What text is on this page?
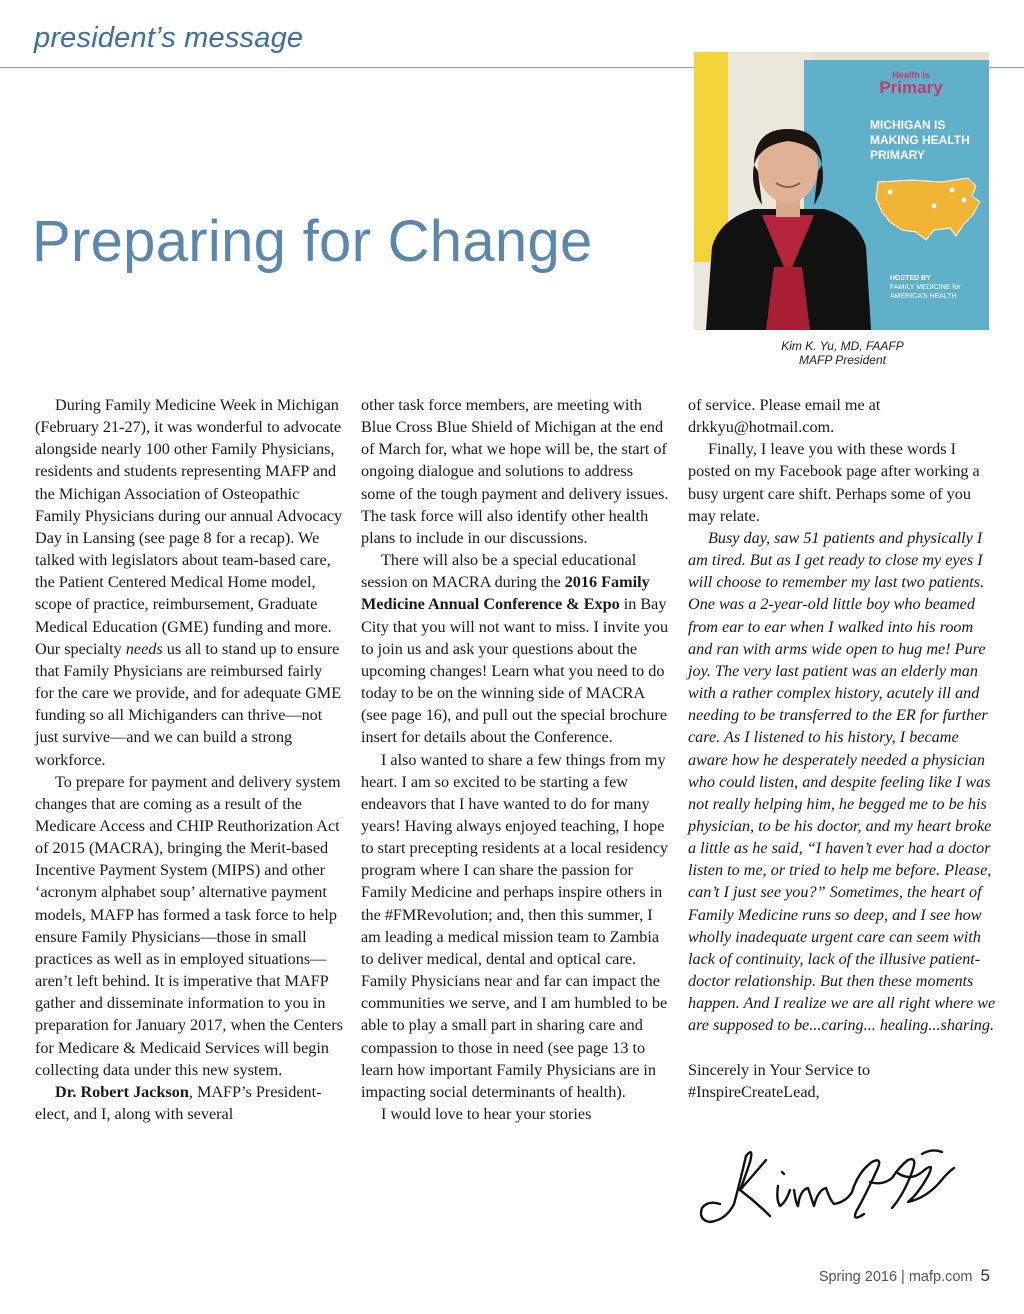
president’s message
Preparing for Change
Health is
Primary
MICHIGAN IS MAKING HEALTH PRIMARY
HOSTED BY
FAMILY MEDICINE for AMERICA’S HEALTH
Kim K. Yu, MD, FAAFP
MAFP President

During Family Medicine Week in Michigan (February 21-27), it was wonderful to advocate alongside nearly 100 other Family Physicians, residents and students representing MAFP and the Michigan Association of Osteopathic Family Physicians during our annual Advocacy Day in Lansing (see page 8 for a recap). We talked with legislators about team-based care, the Patient Centered Medical Home model, scope of practice, reimbursement, Graduate Medical Education (GME) funding and more. Our specialty needs us all to stand up to ensure that Family Physicians are reimbursed fairly for the care we provide, and for adequate GME funding so all Michiganders can thrive—not just survive—and we can build a strong workforce.

To prepare for payment and delivery system changes that are coming as a result of the Medicare Access and CHIP Reuthorization Act of 2015 (MACRA), bringing the Merit-based Incentive Payment System (MIPS) and other ‘acronym alphabet soup’ alternative payment models, MAFP has formed a task force to help ensure Family Physicians—those in small practices as well as in employed situations—aren’t left behind. It is imperative that MAFP gather and disseminate information to you in preparation for January 2017, when the Centers for Medicare & Medicaid Services will begin collecting data under this new system.

Dr. Robert Jackson, MAFP’s President-elect, and I, along with several

other task force members, are meeting with Blue Cross Blue Shield of Michigan at the end of March for, what we hope will be, the start of ongoing dialogue and solutions to address some of the tough payment and delivery issues. The task force will also identify other health plans to include in our discussions.

There will also be a special educational session on MACRA during the 2016 Family Medicine Annual Conference & Expo in Bay City that you will not want to miss. I invite you to join us and ask your questions about the upcoming changes! Learn what you need to do today to be on the winning side of MACRA (see page 16), and pull out the special brochure insert for details about the Conference.

I also wanted to share a few things from my heart. I am so excited to be starting a few endeavors that I have wanted to do for many years! Having always enjoyed teaching, I hope to start precepting residents at a local residency program where I can share the passion for Family Medicine and perhaps inspire others in the #FMRevolution; and, then this summer, I am leading a medical mission team to Zambia to deliver medical, dental and optical care. Family Physicians near and far can impact the communities we serve, and I am humbled to be able to play a small part in sharing care and compassion to those in need (see page 13 to learn how important Family Physicians are in impacting social determinants of health).

I would love to hear your stories

of service. Please email me at drkkyu@hotmail.com.

Finally, I leave you with these words I posted on my Facebook page after working a busy urgent care shift. Perhaps some of you may relate.

Busy day, saw 51 patients and physically I am tired. But as I get ready to close my eyes I will choose to remember my last two patients. One was a 2-year-old little boy who beamed from ear to ear when I walked into his room and ran with arms wide open to hug me! Pure joy. The very last patient was an elderly man with a rather complex history, acutely ill and needing to be transferred to the ER for further care. As I listened to his history, I became aware how he desperately needed a physician who could listen, and despite feeling like I was not really helping him, he begged me to be his physician, to be his doctor, and my heart broke a little as he said, “I haven’t ever had a doctor listen to me, or tried to help me before. Please, can’t I just see you?” Sometimes, the heart of Family Medicine runs so deep, and I see how wholly inadequate urgent care can seem with lack of continuity, lack of the illusive patient-doctor relationship. But then these moments happen. And I realize we are all right where we are supposed to be...caring... healing...sharing.

Sincerely in Your Service to

#InspireCreateLead,

Spring 2016 | mafp.com 5
